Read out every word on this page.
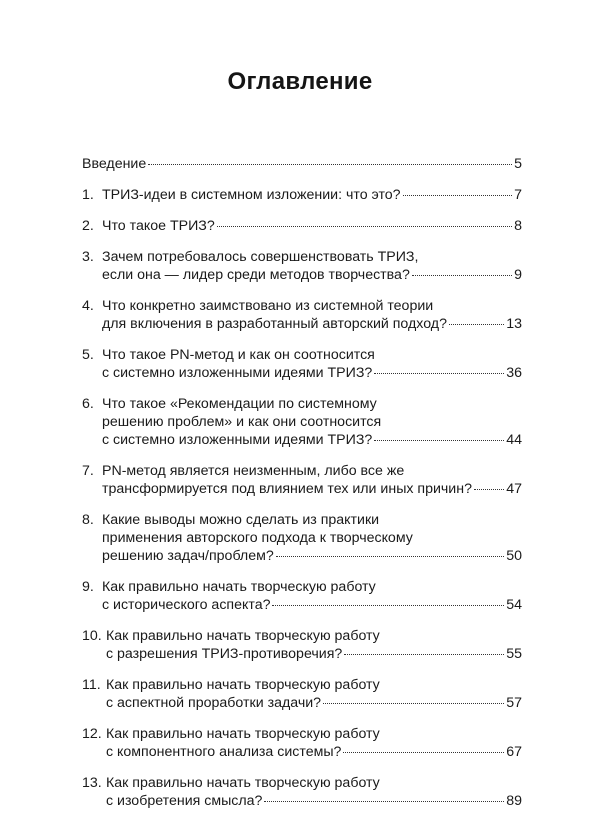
Оглавление
Введение	5
1. ТРИЗ-идеи в системном изложении: что это?	7
2. Что такое ТРИЗ?	8
3. Зачем потребовалось совершенствовать ТРИЗ,
если она — лидер среди методов творчества?	9
4. Что конкретно заимствовано из системной теории
для включения в разработанный авторский подход?	13
5. Что такое PN-метод и как он соотносится
с системно изложенными идеями ТРИЗ?	36
6. Что такое «Рекомендации по системному
решению проблем» и как они соотносится
с системно изложенными идеями ТРИЗ?	44
7. PN-метод является неизменным, либо все же
трансформируется под влиянием тех или иных причин? 47
8. Какие выводы можно сделать из практики
применения авторского подхода к творческому
решению задач/проблем?	50
9. Как правильно начать творческую работу
с исторического аспекта?	54
10. Как правильно начать творческую работу
с разрешения ТРИЗ-противоречия?	55
11. Как правильно начать творческую работу
с аспектной проработки задачи?	57
12. Как правильно начать творческую работу
с компонентного анализа системы?	67
13. Как правильно начать творческую работу
с изобретения смысла?	89
